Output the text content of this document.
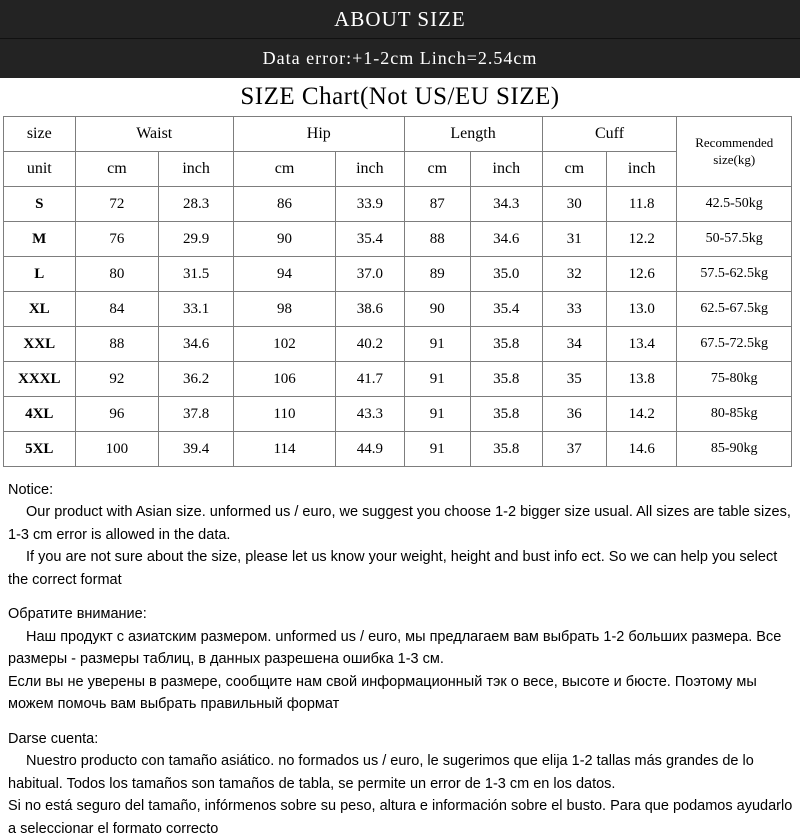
ABOUT SIZE
Data error:+1-2cm Linch=2.54cm
SIZE Chart(Not US/EU SIZE)
size	Waist		Hip		Length		Cuff		Recommended size(kg)
unit	cm	inch	cm	inch	cm	inch	cm	inch	
S	72	28.3	86	33.9	87	34.3	30	11.8	42.5-50kg
M	76	29.9	90	35.4	88	34.6	31	12.2	50-57.5kg
L	80	31.5	94	37.0	89	35.0	32	12.6	57.5-62.5kg
XL	84	33.1	98	38.6	90	35.4	33	13.0	62.5-67.5kg
XXL	88	34.6	102	40.2	91	35.8	34	13.4	67.5-72.5kg
XXXL	92	36.2	106	41.7	91	35.8	35	13.8	75-80kg
4XL	96	37.8	110	43.3	91	35.8	36	14.2	80-85kg
5XL	100	39.4	114	44.9	91	35.8	37	14.6	85-90kg
Notice:
Our product with Asian size. unformed us / euro, we suggest you choose 1-2 bigger size usual. All sizes are table sizes, 1-3 cm error is allowed in the data.
If you are not sure about the size, please let us know your weight, height and bust info ect. So we can help you select the correct format
Обратите внимание:
Наш продукт с азиатским размером. unformed us / euro, мы предлагаем вам выбрать 1-2 больших размера. Все размеры - размеры таблиц, в данных разрешена ошибка 1-3 см.
Если вы не уверены в размере, сообщите нам свой информационный тэк о весе, высоте и бюсте. Поэтому мы можем помочь вам выбрать правильный формат
Darse cuenta:
Nuestro producto con tamaño asiático. no formados us / euro, le sugerimos que elija 1-2 tallas más grandes de lo habitual. Todos los tamaños son tamaños de tabla, se permite un error de 1-3 cm en los datos.
Si no está seguro del tamaño, infórmenos sobre su peso, altura e información sobre el busto. Para que podamos ayudarlo a seleccionar el formato correcto
